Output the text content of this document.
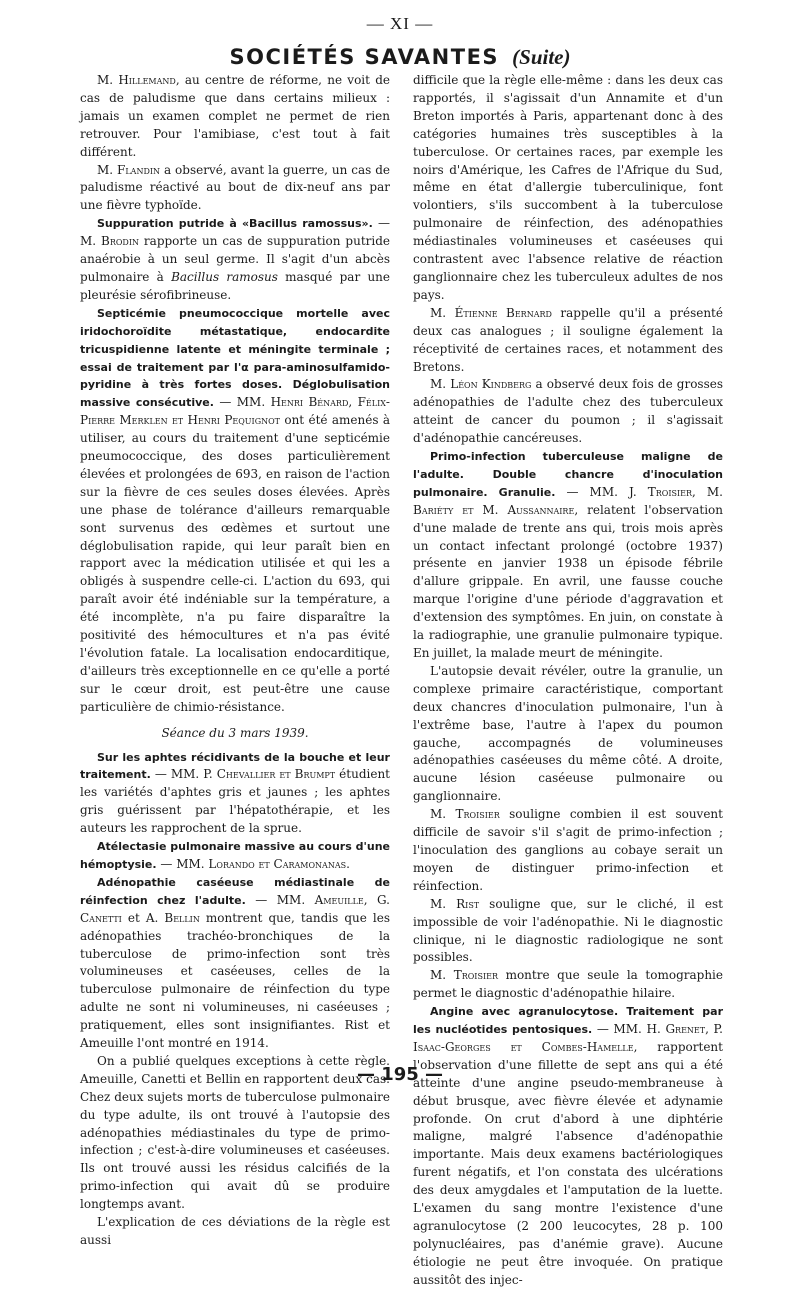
— XI —
SOCIÉTÉS SAVANTES (Suite)

M. Hillemand, au centre de réforme, ne voit de cas de paludisme que dans certains milieux : jamais un examen complet ne permet de rien retrouver. Pour l'amibiase, c'est tout à fait différent.

M. Flandin a observé, avant la guerre, un cas de paludisme réactivé au bout de dix-neuf ans par une fièvre typhoïde.

Suppuration putride à «Bacillus ramossus». — M. Brodin rapporte un cas de suppuration putride anaérobie à un seul germe. Il s'agit d'un abcès pulmonaire à Bacillus ramosus masqué par une pleurésie sérofibrineuse.

Septicémie pneumococcique mortelle avec iridochoroïdite métastatique, endocardite tricuspidienne latente et méningite terminale ; essai de traitement par l'α para-aminosulfamido-pyridine à très fortes doses. Déglobulisation massive consécutive. — MM. Henri Bénard, Félix-Pierre Merklen et Henri Pequignot ont été amenés à utiliser, au cours du traitement d'une septicémie pneumococcique, des doses particulièrement élevées et prolongées de 693, en raison de l'action sur la fièvre de ces seules doses élevées. Après une phase de tolérance d'ailleurs remarquable sont survenus des œdèmes et surtout une déglobulisation rapide, qui leur paraît bien en rapport avec la médication utilisée et qui les a obligés à suspendre celle-ci. L'action du 693, qui paraît avoir été indéniable sur la température, a été incomplète, n'a pu faire disparaître la positivité des hémocultures et n'a pas évité l'évolution fatale. La localisation endocarditique, d'ailleurs très exceptionnelle en ce qu'elle a porté sur le cœur droit, est peut-être une cause particulière de chimio-résistance.

Séance du 3 mars 1939.

Sur les aphtes récidivants de la bouche et leur traitement. — MM. P. Chevallier et Brumpt étudient les variétés d'aphtes gris et jaunes ; les aphtes gris guérissent par l'hépatothérapie, et les auteurs les rapprochent de la sprue.

Atélectasie pulmonaire massive au cours d'une hémoptysie. — MM. Lorando et Caramonanas.

Adénopathie caséeuse médiastinale de réinfection chez l'adulte. — MM. Ameuille, G. Canetti et A. Bellin montrent que, tandis que les adénopathies trachéo-bronchiques de la tuberculose de primo-infection sont très volumineuses et caséeuses, celles de la tuberculose pulmonaire de réinfection du type adulte ne sont ni volumineuses, ni caséeuses ; pratiquement, elles sont insignifiantes. Rist et Ameuille l'ont montré en 1914.

On a publié quelques exceptions à cette règle. Ameuille, Canetti et Bellin en rapportent deux cas. Chez deux sujets morts de tuberculose pulmonaire du type adulte, ils ont trouvé à l'autopsie des adénopathies médiastinales du type de primo-infection ; c'est-à-dire volumineuses et caséeuses. Ils ont trouvé aussi les résidus calcifiés de la primo-infection qui avait dû se produire longtemps avant.

L'explication de ces déviations de la règle est aussi

difficile que la règle elle-même : dans les deux cas rapportés, il s'agissait d'un Annamite et d'un Breton importés à Paris, appartenant donc à des catégories humaines très susceptibles à la tuberculose. Or certaines races, par exemple les noirs d'Amérique, les Cafres de l'Afrique du Sud, même en état d'allergie tuberculinique, font volontiers, s'ils succombent à la tuberculose pulmonaire de réinfection, des adénopathies médiastinales volumineuses et caséeuses qui contrastent avec l'absence relative de réaction ganglionnaire chez les tuberculeux adultes de nos pays.

M. Étienne Bernard rappelle qu'il a présenté deux cas analogues ; il souligne également la réceptivité de certaines races, et notamment des Bretons.

M. Léon Kindberg a observé deux fois de grosses adénopathies de l'adulte chez des tuberculeux atteint de cancer du poumon ; il s'agissait d'adénopathie cancéreuses.

Primo-infection tuberculeuse maligne de l'adulte. Double chancre d'inoculation pulmonaire. Granulie. — MM. J. Troisier, M. Bariéty et M. Aussannaire, relatent l'observation d'une malade de trente ans qui, trois mois après un contact infectant prolongé (octobre 1937) présente en janvier 1938 un épisode fébrile d'allure grippale. En avril, une fausse couche marque l'origine d'une période d'aggravation et d'extension des symptômes. En juin, on constate à la radiographie, une granulie pulmonaire typique. En juillet, la malade meurt de méningite.

L'autopsie devait révéler, outre la granulie, un complexe primaire caractéristique, comportant deux chancres d'inoculation pulmonaire, l'un à l'extrême base, l'autre à l'apex du poumon gauche, accompagnés de volumineuses adénopathies caséeuses du même côté. A droite, aucune lésion caséeuse pulmonaire ou ganglionnaire.

M. Troisier souligne combien il est souvent difficile de savoir s'il s'agit de primo-infection ; l'inoculation des ganglions au cobaye serait un moyen de distinguer primo-infection et réinfection.

M. Rist souligne que, sur le cliché, il est impossible de voir l'adénopathie. Ni le diagnostic clinique, ni le diagnostic radiologique ne sont possibles.

M. Troisier montre que seule la tomographie permet le diagnostic d'adénopathie hilaire.

Angine avec agranulocytose. Traitement par les nucléotides pentosiques. — MM. H. Grenet, P. Isaac-Georges et Combes-Hamelle, rapportent l'observation d'une fillette de sept ans qui a été atteinte d'une angine pseudo-membraneuse à début brusque, avec fièvre élevée et adynamie profonde. On crut d'abord à une diphtérie maligne, malgré l'absence d'adénopathie importante. Mais deux examens bactériologiques furent négatifs, et l'on constata des ulcérations des deux amygdales et l'amputation de la luette. L'examen du sang montre l'existence d'une agranulocytose (2 200 leucocytes, 28 p. 100 polynucléaires, pas d'anémie grave). Aucune étiologie ne peut être invoquée. On pratique aussitôt des injec-

— 195 —
